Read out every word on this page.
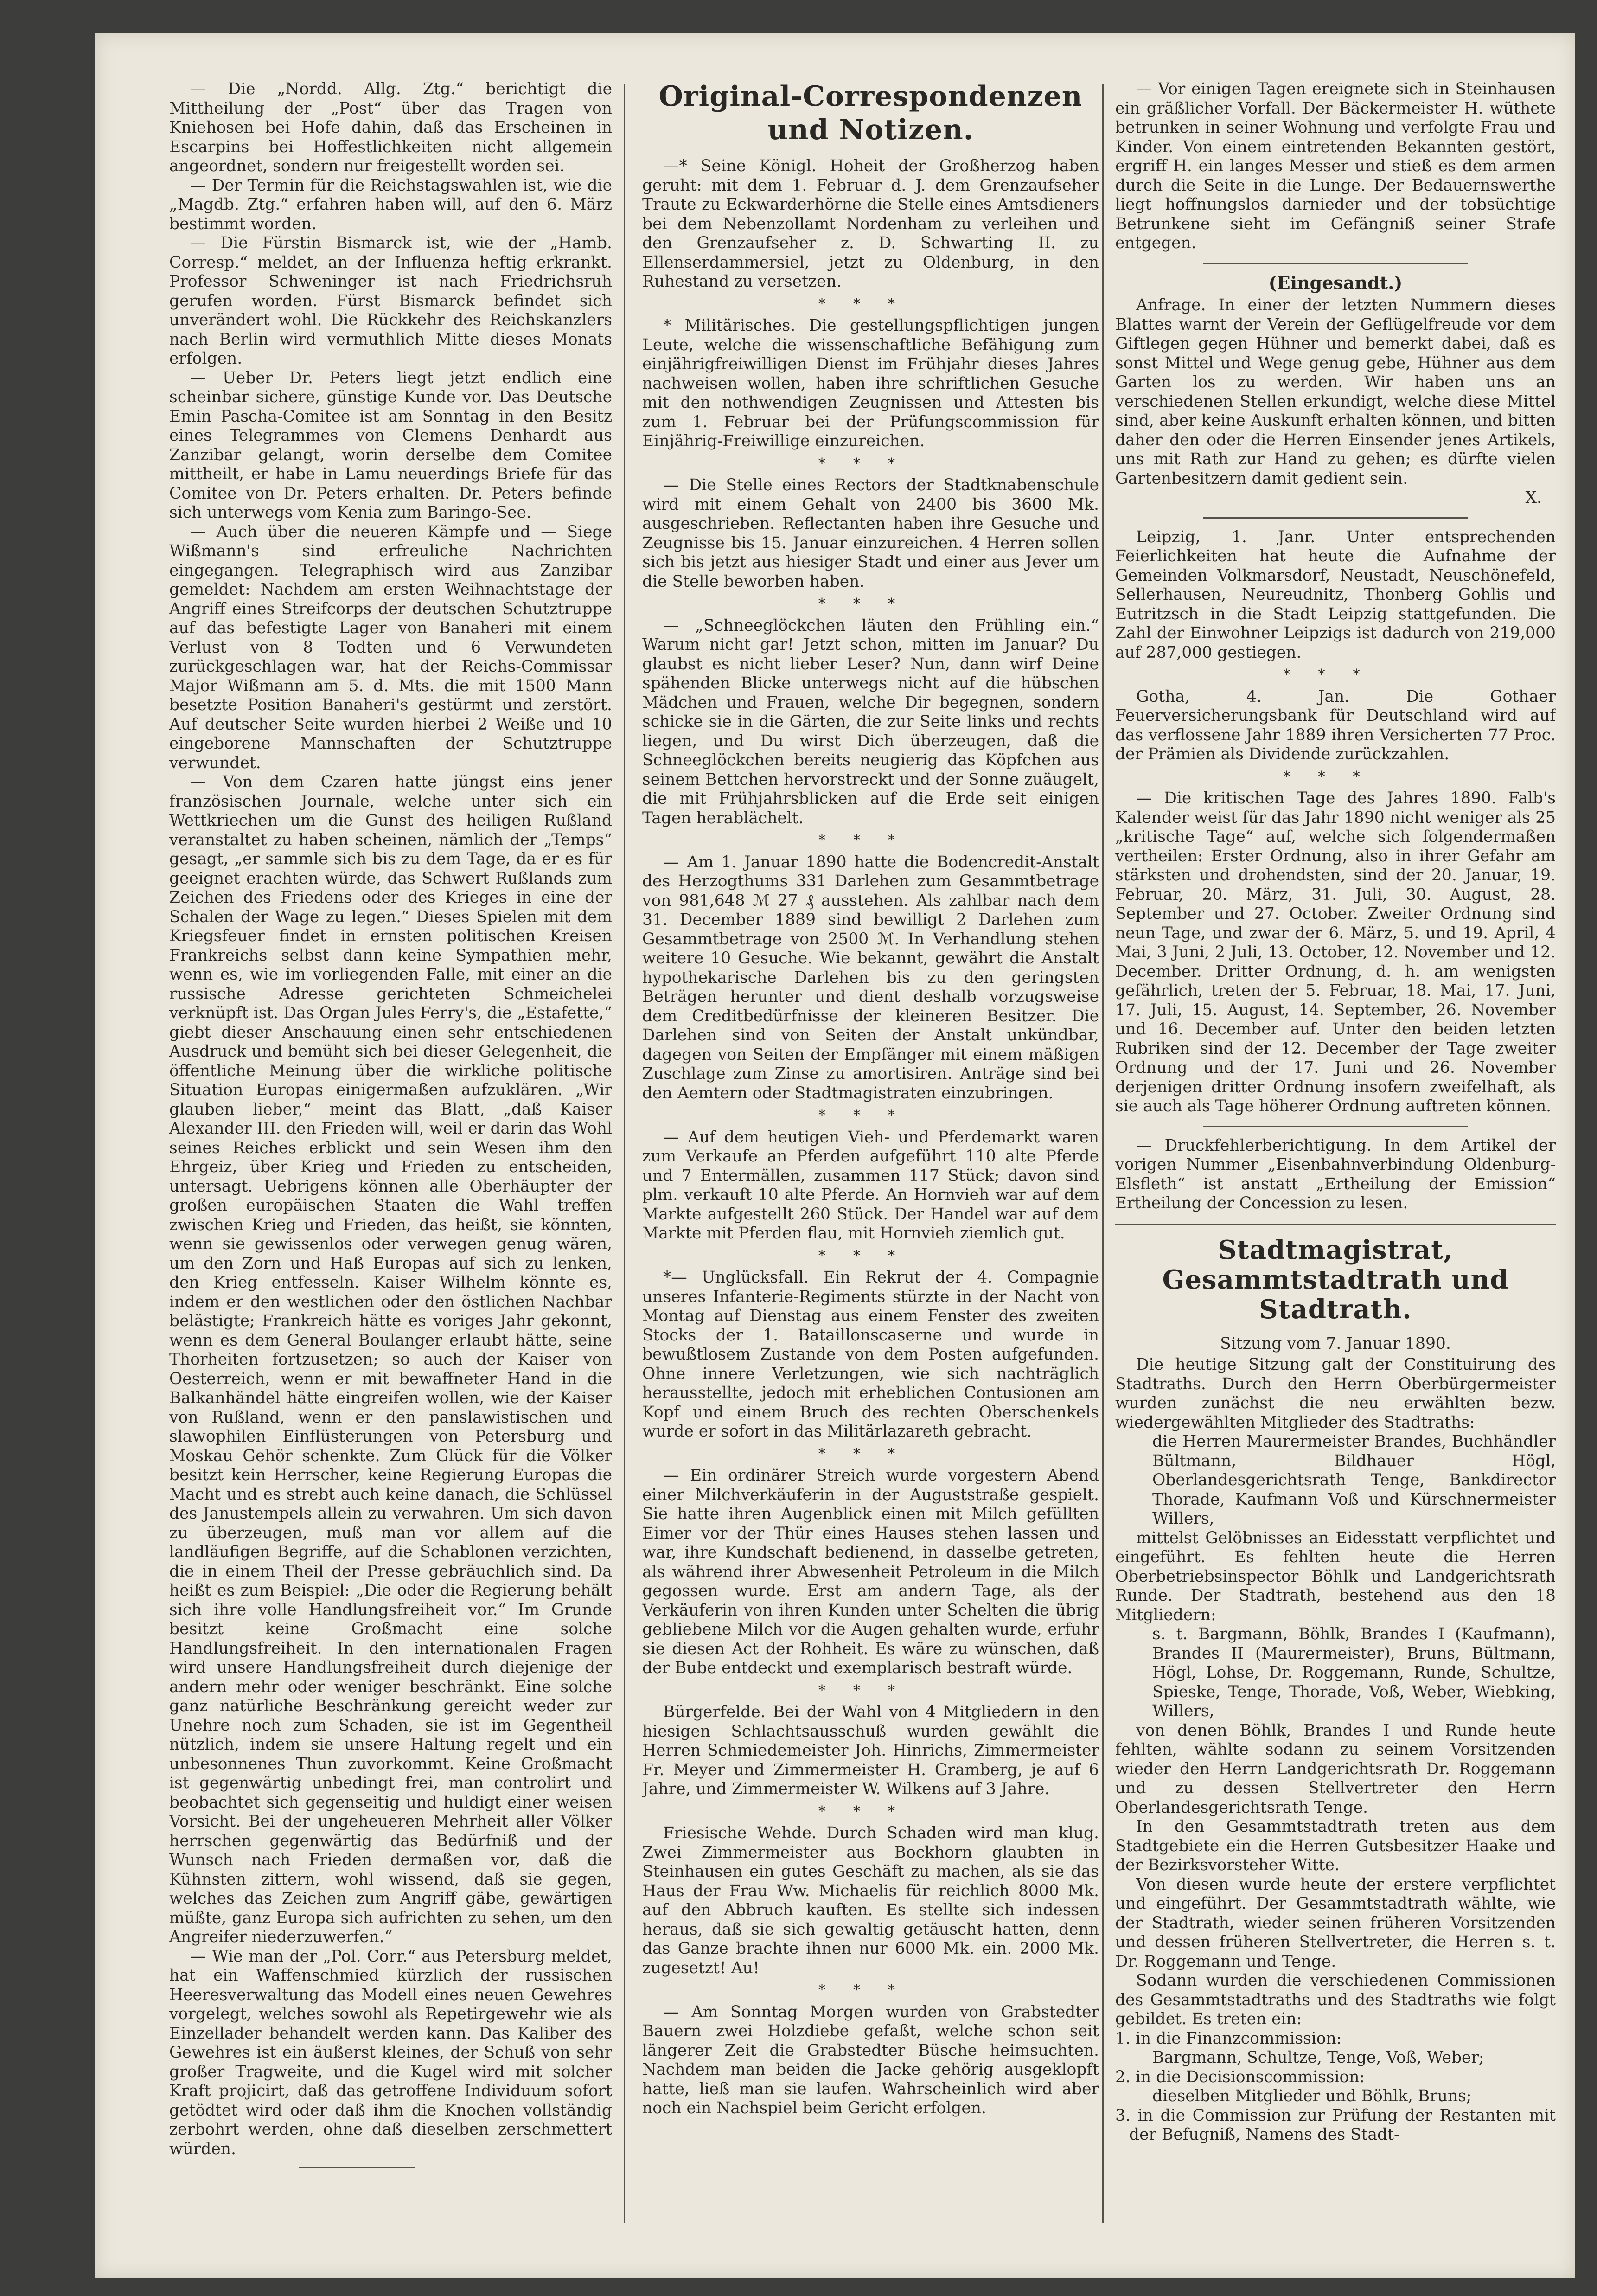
— Die „Nordd. Allg. Ztg.“ berichtigt die Mittheilung der „Post“ über das Tragen von Kniehosen bei Hofe dahin, daß das Erscheinen in Escarpins bei Hoffestlichkeiten nicht allgemein angeordnet, sondern nur freigestellt worden sei.

— Der Termin für die Reichstagswahlen ist, wie die „Magdb. Ztg.“ erfahren haben will, auf den 6. März bestimmt worden.

— Die Fürstin Bismarck ist, wie der „Hamb. Corresp.“ meldet, an der Influenza heftig erkrankt. Professor Schweninger ist nach Friedrichsruh gerufen worden. Fürst Bismarck befindet sich unverändert wohl. Die Rückkehr des Reichskanzlers nach Berlin wird vermuthlich Mitte dieses Monats erfolgen.

— Ueber Dr. Peters liegt jetzt endlich eine scheinbar sichere, günstige Kunde vor. Das Deutsche Emin Pascha-Comitee ist am Sonntag in den Besitz eines Telegrammes von Clemens Denhardt aus Zanzibar gelangt, worin derselbe dem Comitee mittheilt, er habe in Lamu neuerdings Briefe für das Comitee von Dr. Peters erhalten. Dr. Peters befinde sich unterwegs vom Kenia zum Baringo-See.

— Auch über die neueren Kämpfe und — Siege Wißmann's sind erfreuliche Nachrichten eingegangen. Telegraphisch wird aus Zanzibar gemeldet: Nachdem am ersten Weihnachtstage der Angriff eines Streifcorps der deutschen Schutztruppe auf das befestigte Lager von Banaheri mit einem Verlust von 8 Todten und 6 Verwundeten zurückgeschlagen war, hat der Reichs-Commissar Major Wißmann am 5. d. Mts. die mit 1500 Mann besetzte Position Banaheri's gestürmt und zerstört. Auf deutscher Seite wurden hierbei 2 Weiße und 10 eingeborene Mannschaften der Schutztruppe verwundet.

— Von dem Czaren hatte jüngst eins jener französischen Journale, welche unter sich ein Wettkriechen um die Gunst des heiligen Rußland veranstaltet zu haben scheinen, nämlich der „Temps“ gesagt, „er sammle sich bis zu dem Tage, da er es für geeignet erachten würde, das Schwert Rußlands zum Zeichen des Friedens oder des Krieges in eine der Schalen der Wage zu legen.“ Dieses Spielen mit dem Kriegsfeuer findet in ernsten politischen Kreisen Frankreichs selbst dann keine Sympathien mehr, wenn es, wie im vorliegenden Falle, mit einer an die russische Adresse gerichteten Schmeichelei verknüpft ist. Das Organ Jules Ferry's, die „Estafette,“ giebt dieser Anschauung einen sehr entschiedenen Ausdruck und bemüht sich bei dieser Gelegenheit, die öffentliche Meinung über die wirkliche politische Situation Europas einigermaßen aufzuklären. „Wir glauben lieber,“ meint das Blatt, „daß Kaiser Alexander III. den Frieden will, weil er darin das Wohl seines Reiches erblickt und sein Wesen ihm den Ehrgeiz, über Krieg und Frieden zu entscheiden, untersagt. Uebrigens können alle Oberhäupter der großen europäischen Staaten die Wahl treffen zwischen Krieg und Frieden, das heißt, sie könnten, wenn sie gewissenlos oder verwegen genug wären, um den Zorn und Haß Europas auf sich zu lenken, den Krieg entfesseln. Kaiser Wilhelm könnte es, indem er den westlichen oder den östlichen Nachbar belästigte; Frankreich hätte es voriges Jahr gekonnt, wenn es dem General Boulanger erlaubt hätte, seine Thorheiten fortzusetzen; so auch der Kaiser von Oesterreich, wenn er mit bewaffneter Hand in die Balkanhändel hätte eingreifen wollen, wie der Kaiser von Rußland, wenn er den panslawistischen und slawophilen Einflüsterungen von Petersburg und Moskau Gehör schenkte. Zum Glück für die Völker besitzt kein Herrscher, keine Regierung Europas die Macht und es strebt auch keine danach, die Schlüssel des Janustempels allein zu verwahren. Um sich davon zu überzeugen, muß man vor allem auf die landläufigen Begriffe, auf die Schablonen verzichten, die in einem Theil der Presse gebräuchlich sind. Da heißt es zum Beispiel: „Die oder die Regierung behält sich ihre volle Handlungsfreiheit vor.“ Im Grunde besitzt keine Großmacht eine solche Handlungsfreiheit. In den internationalen Fragen wird unsere Handlungsfreiheit durch diejenige der andern mehr oder weniger beschränkt. Eine solche ganz natürliche Beschränkung gereicht weder zur Unehre noch zum Schaden, sie ist im Gegentheil nützlich, indem sie unsere Haltung regelt und ein unbesonnenes Thun zuvorkommt. Keine Großmacht ist gegenwärtig unbedingt frei, man controlirt und beobachtet sich gegenseitig und huldigt einer weisen Vorsicht. Bei der ungeheueren Mehrheit aller Völker herrschen gegenwärtig das Bedürfniß und der Wunsch nach Frieden dermaßen vor, daß die Kühnsten zittern, wohl wissend, daß sie gegen, welches das Zeichen zum Angriff gäbe, gewärtigen müßte, ganz Europa sich aufrichten zu sehen, um den Angreifer niederzuwerfen.“

— Wie man der „Pol. Corr.“ aus Petersburg meldet, hat ein Waffenschmied kürzlich der russischen Heeresverwaltung das Modell eines neuen Gewehres vorgelegt, welches sowohl als Repetirgewehr wie als Einzellader behandelt werden kann. Das Kaliber des Gewehres ist ein äußerst kleines, der Schuß von sehr großer Tragweite, und die Kugel wird mit solcher Kraft projicirt, daß das getroffene Individuum sofort getödtet wird oder daß ihm die Knochen vollständig zerbohrt werden, ohne daß dieselben zerschmettert würden.

Original-Correspondenzen und Notizen.

—* Seine Königl. Hoheit der Großherzog haben geruht: mit dem 1. Februar d. J. dem Grenzaufseher Traute zu Eckwarderhörne die Stelle eines Amtsdieners bei dem Nebenzollamt Nordenham zu verleihen und den Grenzaufseher z. D. Schwarting II. zu Ellenserdammersiel, jetzt zu Oldenburg, in den Ruhestand zu versetzen.

***

* Militärisches. Die gestellungspflichtigen jungen Leute, welche die wissenschaftliche Befähigung zum einjährigfreiwilligen Dienst im Frühjahr dieses Jahres nachweisen wollen, haben ihre schriftlichen Gesuche mit den nothwendigen Zeugnissen und Attesten bis zum 1. Februar bei der Prüfungscommission für Einjährig-Freiwillige einzureichen.

***

— Die Stelle eines Rectors der Stadtknabenschule wird mit einem Gehalt von 2400 bis 3600 Mk. ausgeschrieben. Reflectanten haben ihre Gesuche und Zeugnisse bis 15. Januar einzureichen. 4 Herren sollen sich bis jetzt aus hiesiger Stadt und einer aus Jever um die Stelle beworben haben.

***

— „Schneeglöckchen läuten den Frühling ein.“ Warum nicht gar! Jetzt schon, mitten im Januar? Du glaubst es nicht lieber Leser? Nun, dann wirf Deine spähenden Blicke unterwegs nicht auf die hübschen Mädchen und Frauen, welche Dir begegnen, sondern schicke sie in die Gärten, die zur Seite links und rechts liegen, und Du wirst Dich überzeugen, daß die Schneeglöckchen bereits neugierig das Köpfchen aus seinem Bettchen hervorstreckt und der Sonne zuäugelt, die mit Frühjahrsblicken auf die Erde seit einigen Tagen herablächelt.

***

— Am 1. Januar 1890 hatte die Bodencredit-Anstalt des Herzogthums 331 Darlehen zum Gesammtbetrage von 981,648 ℳ 27 ₰ ausstehen. Als zahlbar nach dem 31. December 1889 sind bewilligt 2 Darlehen zum Gesammtbetrage von 2500 ℳ. In Verhandlung stehen weitere 10 Gesuche. Wie bekannt, gewährt die Anstalt hypothekarische Darlehen bis zu den geringsten Beträgen herunter und dient deshalb vorzugsweise dem Creditbedürfnisse der kleineren Besitzer. Die Darlehen sind von Seiten der Anstalt unkündbar, dagegen von Seiten der Empfänger mit einem mäßigen Zuschlage zum Zinse zu amortisiren. Anträge sind bei den Aemtern oder Stadtmagistraten einzubringen.

***

— Auf dem heutigen Vieh- und Pferdemarkt waren zum Verkaufe an Pferden aufgeführt 110 alte Pferde und 7 Entermällen, zusammen 117 Stück; davon sind plm. verkauft 10 alte Pferde. An Hornvieh war auf dem Markte aufgestellt 260 Stück. Der Handel war auf dem Markte mit Pferden flau, mit Hornvieh ziemlich gut.

***

*— Unglücksfall. Ein Rekrut der 4. Compagnie unseres Infanterie-Regiments stürzte in der Nacht von Montag auf Dienstag aus einem Fenster des zweiten Stocks der 1. Bataillonscaserne und wurde in bewußtlosem Zustande von dem Posten aufgefunden. Ohne innere Verletzungen, wie sich nachträglich herausstellte, jedoch mit erheblichen Contusionen am Kopf und einem Bruch des rechten Oberschenkels wurde er sofort in das Militärlazareth gebracht.

***

— Ein ordinärer Streich wurde vorgestern Abend einer Milchverkäuferin in der Auguststraße gespielt. Sie hatte ihren Augenblick einen mit Milch gefüllten Eimer vor der Thür eines Hauses stehen lassen und war, ihre Kundschaft bedienend, in dasselbe getreten, als während ihrer Abwesenheit Petroleum in die Milch gegossen wurde. Erst am andern Tage, als der Verkäuferin von ihren Kunden unter Schelten die übrig gebliebene Milch vor die Augen gehalten wurde, erfuhr sie diesen Act der Rohheit. Es wäre zu wünschen, daß der Bube entdeckt und exemplarisch bestraft würde.

***

Bürgerfelde. Bei der Wahl von 4 Mitgliedern in den hiesigen Schlachtsausschuß wurden gewählt die Herren Schmiedemeister Joh. Hinrichs, Zimmermeister Fr. Meyer und Zimmermeister H. Gramberg, je auf 6 Jahre, und Zimmermeister W. Wilkens auf 3 Jahre.

***

Friesische Wehde. Durch Schaden wird man klug. Zwei Zimmermeister aus Bockhorn glaubten in Steinhausen ein gutes Geschäft zu machen, als sie das Haus der Frau Ww. Michaelis für reichlich 8000 Mk. auf den Abbruch kauften. Es stellte sich indessen heraus, daß sie sich gewaltig getäuscht hatten, denn das Ganze brachte ihnen nur 6000 Mk. ein. 2000 Mk. zugesetzt! Au!

***

— Am Sonntag Morgen wurden von Grabstedter Bauern zwei Holzdiebe gefaßt, welche schon seit längerer Zeit die Grabstedter Büsche heimsuchten. Nachdem man beiden die Jacke gehörig ausgeklopft hatte, ließ man sie laufen. Wahrscheinlich wird aber noch ein Nachspiel beim Gericht erfolgen.

— Vor einigen Tagen ereignete sich in Steinhausen ein gräßlicher Vorfall. Der Bäckermeister H. wüthete betrunken in seiner Wohnung und verfolgte Frau und Kinder. Von einem eintretenden Bekannten gestört, ergriff H. ein langes Messer und stieß es dem armen durch die Seite in die Lunge. Der Bedauernswerthe liegt hoffnungslos darnieder und der tobsüchtige Betrunkene sieht im Gefängniß seiner Strafe entgegen.

(Eingesandt.)

Anfrage. In einer der letzten Nummern dieses Blattes warnt der Verein der Geflügelfreude vor dem Giftlegen gegen Hühner und bemerkt dabei, daß es sonst Mittel und Wege genug gebe, Hühner aus dem Garten los zu werden. Wir haben uns an verschiedenen Stellen erkundigt, welche diese Mittel sind, aber keine Auskunft erhalten können, und bitten daher den oder die Herren Einsender jenes Artikels, uns mit Rath zur Hand zu gehen; es dürfte vielen Gartenbesitzern damit gedient sein.

X.

Leipzig, 1. Janr. Unter entsprechenden Feierlichkeiten hat heute die Aufnahme der Gemeinden Volkmarsdorf, Neustadt, Neuschönefeld, Sellerhausen, Neureudnitz, Thonberg Gohlis und Eutritzsch in die Stadt Leipzig stattgefunden. Die Zahl der Einwohner Leipzigs ist dadurch von 219,000 auf 287,000 gestiegen.

***

Gotha, 4. Jan. Die Gothaer Feuerversicherungsbank für Deutschland wird auf das verflossene Jahr 1889 ihren Versicherten 77 Proc. der Prämien als Dividende zurückzahlen.

***

— Die kritischen Tage des Jahres 1890. Falb's Kalender weist für das Jahr 1890 nicht weniger als 25 „kritische Tage“ auf, welche sich folgendermaßen vertheilen: Erster Ordnung, also in ihrer Gefahr am stärksten und drohendsten, sind der 20. Januar, 19. Februar, 20. März, 31. Juli, 30. August, 28. September und 27. October. Zweiter Ordnung sind neun Tage, und zwar der 6. März, 5. und 19. April, 4 Mai, 3 Juni, 2 Juli, 13. October, 12. November und 12. December. Dritter Ordnung, d. h. am wenigsten gefährlich, treten der 5. Februar, 18. Mai, 17. Juni, 17. Juli, 15. August, 14. September, 26. November und 16. December auf. Unter den beiden letzten Rubriken sind der 12. December der Tage zweiter Ordnung und der 17. Juni und 26. November derjenigen dritter Ordnung insofern zweifelhaft, als sie auch als Tage höherer Ordnung auftreten können.

— Druckfehlerberichtigung. In dem Artikel der vorigen Nummer „Eisenbahnverbindung Oldenburg-Elsfleth“ ist anstatt „Ertheilung der Emission“ Ertheilung der Concession zu lesen.

Stadtmagistrat, Gesammtstadtrath und Stadtrath.
Sitzung vom 7. Januar 1890.

Die heutige Sitzung galt der Constituirung des Stadtraths. Durch den Herrn Oberbürgermeister wurden zunächst die neu erwählten bezw. wiedergewählten Mitglieder des Stadtraths:

die Herren Maurermeister Brandes, Buchhändler Bültmann, Bildhauer Högl, Oberlandesgerichtsrath Tenge, Bankdirector Thorade, Kaufmann Voß und Kürschnermeister Willers,

mittelst Gelöbnisses an Eidesstatt verpflichtet und eingeführt. Es fehlten heute die Herren Oberbetriebsinspector Böhlk und Landgerichtsrath Runde. Der Stadtrath, bestehend aus den 18 Mitgliedern:

s. t. Bargmann, Böhlk, Brandes I (Kaufmann), Brandes II (Maurermeister), Bruns, Bültmann, Högl, Lohse, Dr. Roggemann, Runde, Schultze, Spieske, Tenge, Thorade, Voß, Weber, Wiebking, Willers,

von denen Böhlk, Brandes I und Runde heute fehlten, wählte sodann zu seinem Vorsitzenden wieder den Herrn Landgerichtsrath Dr. Roggemann und zu dessen Stellvertreter den Herrn Oberlandesgerichtsrath Tenge.

In den Gesammtstadtrath treten aus dem Stadtgebiete ein die Herren Gutsbesitzer Haake und der Bezirksvorsteher Witte.

Von diesen wurde heute der erstere verpflichtet und eingeführt. Der Gesammtstadtrath wählte, wie der Stadtrath, wieder seinen früheren Vorsitzenden und dessen früheren Stellvertreter, die Herren s. t. Dr. Roggemann und Tenge.

Sodann wurden die verschiedenen Commissionen des Gesammtstadtraths und des Stadtraths wie folgt gebildet. Es treten ein:

1. in die Finanzcommission:

Bargmann, Schultze, Tenge, Voß, Weber;

2. in die Decisionscommission:

dieselben Mitglieder und Böhlk, Bruns;

3. in die Commission zur Prüfung der Restanten mit der Befugniß, Namens des Stadt-
